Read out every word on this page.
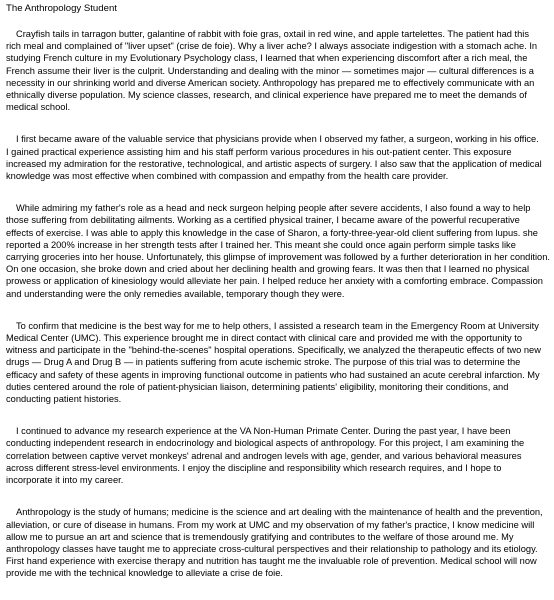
The Anthropology Student
Crayfish tails in tarragon butter, galantine of rabbit with foie gras, oxtail in red wine, and apple tartelettes. The patient had this
rich meal and complained of "liver upset" (crise de foie). Why a liver ache? I always associate indigestion with a stomach ache. In
studying French culture in my Evolutionary Psychology class, I learned that when experiencing discomfort after a rich meal, the
French assume their liver is the culprit. Understanding and dealing with the minor — sometimes major — cultural differences is a
necessity in our shrinking world and diverse American society. Anthropology has prepared me to effectively communicate with an
ethnically diverse population. My science classes, research, and clinical experience have prepared me to meet the demands of
medical school.
I first became aware of the valuable service that physicians provide when I observed my father, a surgeon, working in his office.
I gained practical experience assisting him and his staff perform various procedures in his out-patient center. This exposure
increased my admiration for the restorative, technological, and artistic aspects of surgery. I also saw that the application of medical
knowledge was most effective when combined with compassion and empathy from the health care provider.
While admiring my father's role as a head and neck surgeon helping people after severe accidents, I also found a way to help
those suffering from debilitating ailments. Working as a certified physical trainer, I became aware of the powerful recuperative
effects of exercise. I was able to apply this knowledge in the case of Sharon, a forty-three-year-old client suffering from lupus. she
reported a 200% increase in her strength tests after I trained her. This meant she could once again perform simple tasks like
carrying groceries into her house. Unfortunately, this glimpse of improvement was followed by a further deterioration in her condition.
On one occasion, she broke down and cried about her declining health and growing fears. It was then that I learned no physical
prowess or application of kinesiology would alleviate her pain. I helped reduce her anxiety with a comforting embrace. Compassion
and understanding were the only remedies available, temporary though they were.
To confirm that medicine is the best way for me to help others, I assisted a research team in the Emergency Room at University
Medical Center (UMC). This experience brought me in direct contact with clinical care and provided me with the opportunity to
witness and participate in the "behind-the-scenes" hospital operations. Specifically, we analyzed the therapeutic effects of two new
drugs — Drug A and Drug B — in patients suffering from acute ischemic stroke. The purpose of this trial was to determine the
efficacy and safety of these agents in improving functional outcome in patients who had sustained an acute cerebral infarction. My
duties centered around the role of patient-physician liaison, determining patients' eligibility, monitoring their conditions, and
conducting patient histories.
I continued to advance my research experience at the VA Non-Human Primate Center. During the past year, I have been
conducting independent research in endocrinology and biological aspects of anthropology. For this project, I am examining the
correlation between captive vervet monkeys' adrenal and androgen levels with age, gender, and various behavioral measures
across different stress-level environments. I enjoy the discipline and responsibility which research requires, and I hope to
incorporate it into my career.
Anthropology is the study of humans; medicine is the science and art dealing with the maintenance of health and the prevention,
alleviation, or cure of disease in humans. From my work at UMC and my observation of my father's practice, I know medicine will
allow me to pursue an art and science that is tremendously gratifying and contributes to the welfare of those around me. My
anthropology classes have taught me to appreciate cross-cultural perspectives and their relationship to pathology and its etiology.
First hand experience with exercise therapy and nutrition has taught me the invaluable role of prevention. Medical school will now
provide me with the technical knowledge to alleviate a crise de foie.
